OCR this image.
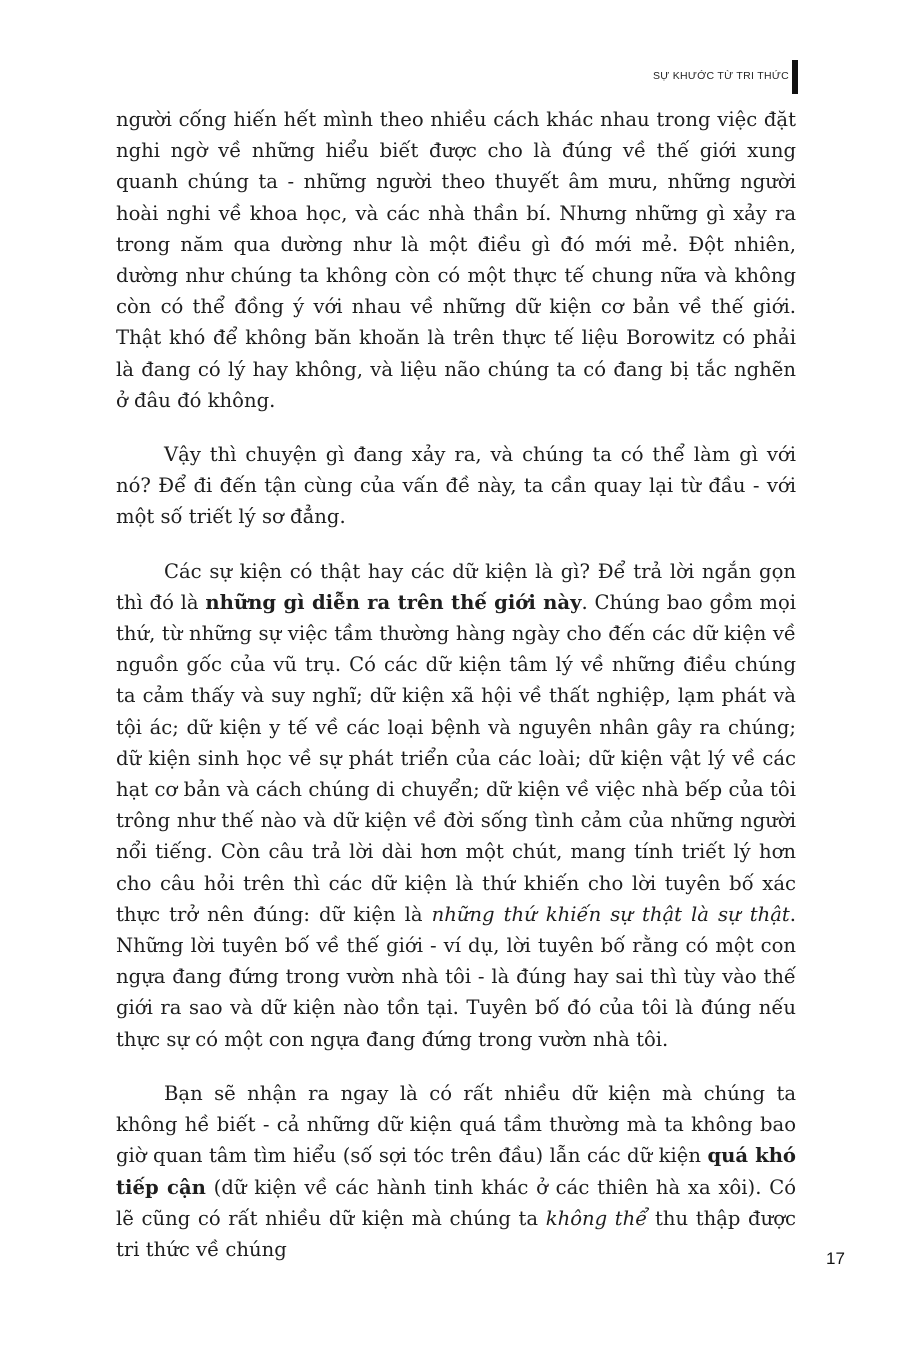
SỰ KHƯỚC TỪ TRI THỨC

người cống hiến hết mình theo nhiều cách khác nhau trong việc đặt nghi ngờ về những hiểu biết được cho là đúng về thế giới xung quanh chúng ta - những người theo thuyết âm mưu, những người hoài nghi về khoa học, và các nhà thần bí. Nhưng những gì xảy ra trong năm qua dường như là một điều gì đó mới mẻ. Đột nhiên, dường như chúng ta không còn có một thực tế chung nữa và không còn có thể đồng ý với nhau về những dữ kiện cơ bản về thế giới. Thật khó để không băn khoăn là trên thực tế liệu Borowitz có phải là đang có lý hay không, và liệu não chúng ta có đang bị tắc nghẽn ở đâu đó không.

Vậy thì chuyện gì đang xảy ra, và chúng ta có thể làm gì với nó? Để đi đến tận cùng của vấn đề này, ta cần quay lại từ đầu - với một số triết lý sơ đẳng.

Các sự kiện có thật hay các dữ kiện là gì? Để trả lời ngắn gọn thì đó là những gì diễn ra trên thế giới này. Chúng bao gồm mọi thứ, từ những sự việc tầm thường hàng ngày cho đến các dữ kiện về nguồn gốc của vũ trụ. Có các dữ kiện tâm lý về những điều chúng ta cảm thấy và suy nghĩ; dữ kiện xã hội về thất nghiệp, lạm phát và tội ác; dữ kiện y tế về các loại bệnh và nguyên nhân gây ra chúng; dữ kiện sinh học về sự phát triển của các loài; dữ kiện vật lý về các hạt cơ bản và cách chúng di chuyển; dữ kiện về việc nhà bếp của tôi trông như thế nào và dữ kiện về đời sống tình cảm của những người nổi tiếng. Còn câu trả lời dài hơn một chút, mang tính triết lý hơn cho câu hỏi trên thì các dữ kiện là thứ khiến cho lời tuyên bố xác thực trở nên đúng: dữ kiện là những thứ khiến sự thật là sự thật. Những lời tuyên bố về thế giới - ví dụ, lời tuyên bố rằng có một con ngựa đang đứng trong vườn nhà tôi - là đúng hay sai thì tùy vào thế giới ra sao và dữ kiện nào tồn tại. Tuyên bố đó của tôi là đúng nếu thực sự có một con ngựa đang đứng trong vườn nhà tôi.

Bạn sẽ nhận ra ngay là có rất nhiều dữ kiện mà chúng ta không hề biết - cả những dữ kiện quá tầm thường mà ta không bao giờ quan tâm tìm hiểu (số sợi tóc trên đầu) lẫn các dữ kiện quá khó tiếp cận (dữ kiện về các hành tinh khác ở các thiên hà xa xôi). Có lẽ cũng có rất nhiều dữ kiện mà chúng ta không thể thu thập được tri thức về chúng	17
